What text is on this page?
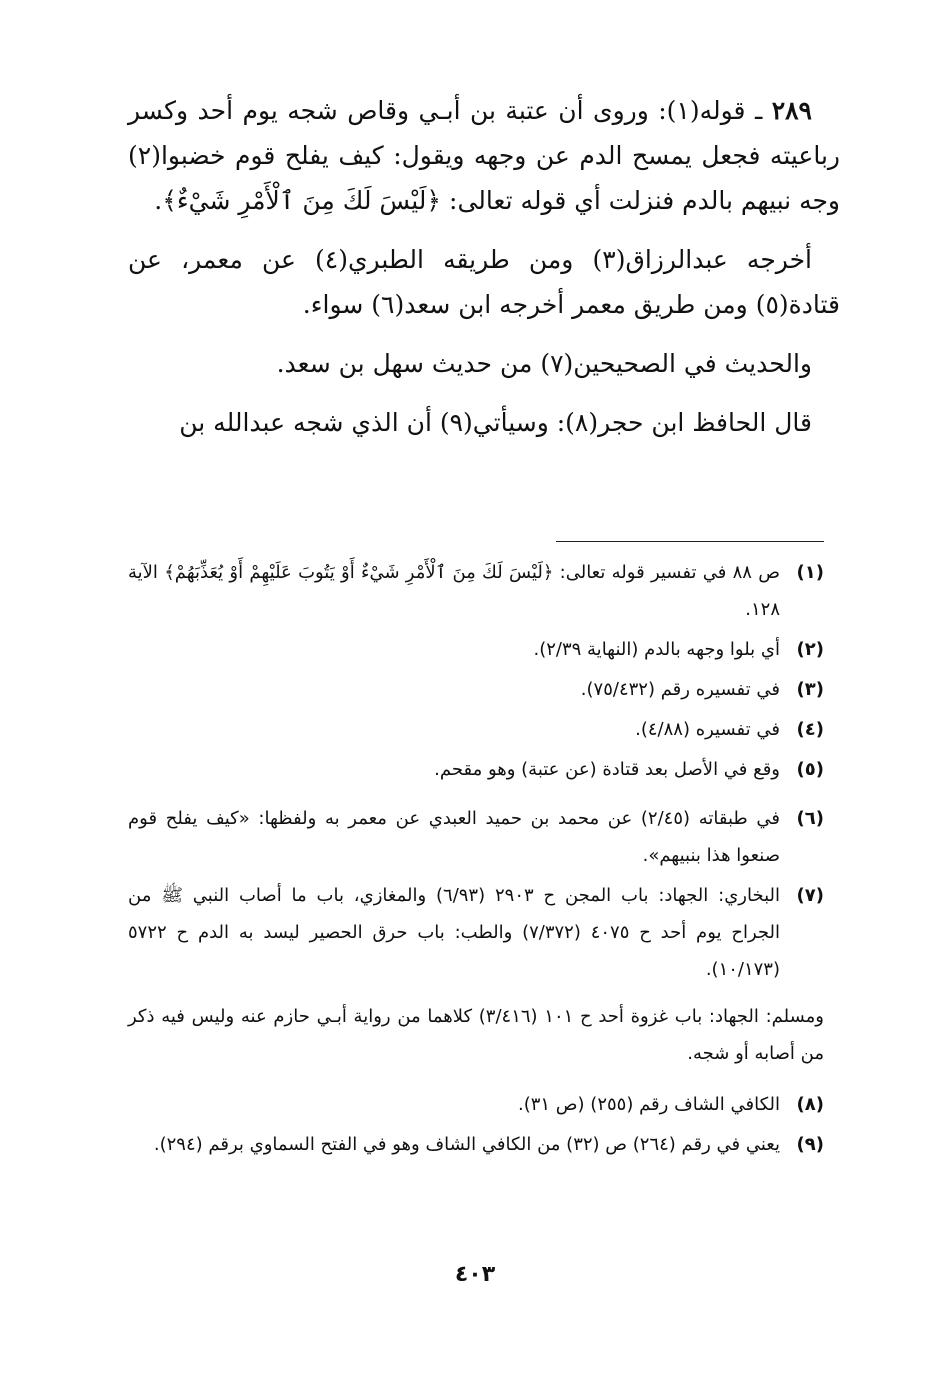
٢٨٩ ـ قوله(١): وروى أن عتبة بن أبـي وقاص شجه يوم أحد وكسر رباعيته فجعل يمسح الدم عن وجهه ويقول: كيف يفلح قوم خضبوا(٢) وجه نبيهم بالدم فنزلت أي قوله تعالى: ﴿لَيْسَ لَكَ مِنَ ٱلْأَمْرِ شَيْءٌ﴾.

أخرجه عبدالرزاق(٣) ومن طريقه الطبري(٤) عن معمر، عن قتادة(٥) ومن طريق معمر أخرجه ابن سعد(٦) سواء.

والحديث في الصحيحين(٧) من حديث سهل بن سعد.

قال الحافظ ابن حجر(٨): وسيأتي(٩) أن الذي شجه عبدالله بن

(١)
ص ٨٨ في تفسير قوله تعالى: ﴿لَيْسَ لَكَ مِنَ ٱلْأَمْرِ شَيْءٌ أَوْ يَتُوبَ عَلَيْهِمْ أَوْ يُعَذِّبَهُمْ﴾ الآية ١٢٨.
(٢)
أي بلوا وجهه بالدم (النهاية ٢/٣٩).
(٣)
في تفسيره رقم (٧٥/٤٣٢).
(٤)
في تفسيره (٤/٨٨).
(٥)
وقع في الأصل بعد قتادة (عن عتبة) وهو مقحم.
(٦)
في طبقاته (٢/٤٥) عن محمد بن حميد العبدي عن معمر به ولفظها: «كيف يفلح قوم صنعوا هذا بنبيهم».
(٧)
البخاري: الجهاد: باب المجن ح ٢٩٠٣ (٦/٩٣) والمغازي، باب ما أصاب النبي ﷺ من الجراح يوم أحد ح ٤٠٧٥ (٧/٣٧٢) والطب: باب حرق الحصير ليسد به الدم ح ٥٧٢٢ (١٠/١٧٣).
ومسلم: الجهاد: باب غزوة أحد ح ١٠١ (٣/٤١٦) كلاهما من رواية أبـي حازم عنه وليس فيه ذكر من أصابه أو شجه.
(٨)
الكافي الشاف رقم (٢٥٥) (ص ٣١).
(٩)
يعني في رقم (٢٦٤) ص (٣٢) من الكافي الشاف وهو في الفتح السماوي برقم (٢٩٤).
٤٠٣
